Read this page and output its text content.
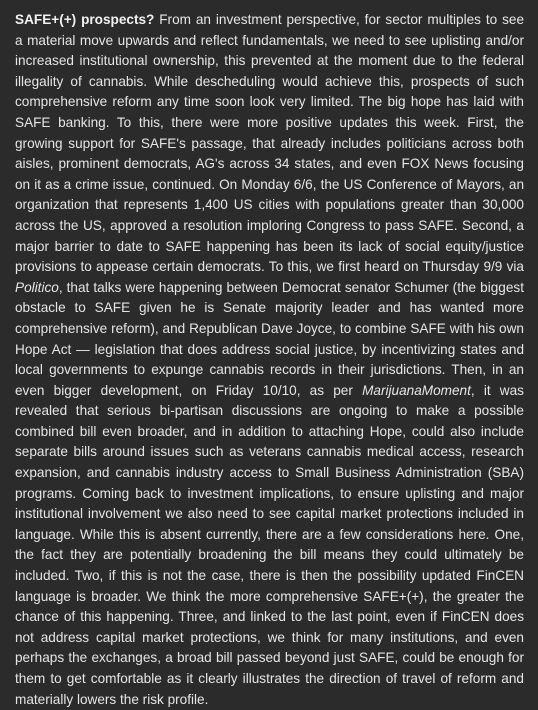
SAFE+(+) prospects? From an investment perspective, for sector multiples to see a material move upwards and reflect fundamentals, we need to see uplisting and/or increased institutional ownership, this prevented at the moment due to the federal illegality of cannabis. While descheduling would achieve this, prospects of such comprehensive reform any time soon look very limited. The big hope has laid with SAFE banking. To this, there were more positive updates this week. First, the growing support for SAFE's passage, that already includes politicians across both aisles, prominent democrats, AG's across 34 states, and even FOX News focusing on it as a crime issue, continued. On Monday 6/6, the US Conference of Mayors, an organization that represents 1,400 US cities with populations greater than 30,000 across the US, approved a resolution imploring Congress to pass SAFE. Second, a major barrier to date to SAFE happening has been its lack of social equity/justice provisions to appease certain democrats. To this, we first heard on Thursday 9/9 via Politico, that talks were happening between Democrat senator Schumer (the biggest obstacle to SAFE given he is Senate majority leader and has wanted more comprehensive reform), and Republican Dave Joyce, to combine SAFE with his own Hope Act — legislation that does address social justice, by incentivizing states and local governments to expunge cannabis records in their jurisdictions. Then, in an even bigger development, on Friday 10/10, as per MarijuanaMoment, it was revealed that serious bi-partisan discussions are ongoing to make a possible combined bill even broader, and in addition to attaching Hope, could also include separate bills around issues such as veterans cannabis medical access, research expansion, and cannabis industry access to Small Business Administration (SBA) programs. Coming back to investment implications, to ensure uplisting and major institutional involvement we also need to see capital market protections included in language. While this is absent currently, there are a few considerations here. One, the fact they are potentially broadening the bill means they could ultimately be included. Two, if this is not the case, there is then the possibility updated FinCEN language is broader. We think the more comprehensive SAFE+(+), the greater the chance of this happening. Three, and linked to the last point, even if FinCEN does not address capital market protections, we think for many institutions, and even perhaps the exchanges, a broad bill passed beyond just SAFE, could be enough for them to get comfortable as it clearly illustrates the direction of travel of reform and materially lowers the risk profile.
